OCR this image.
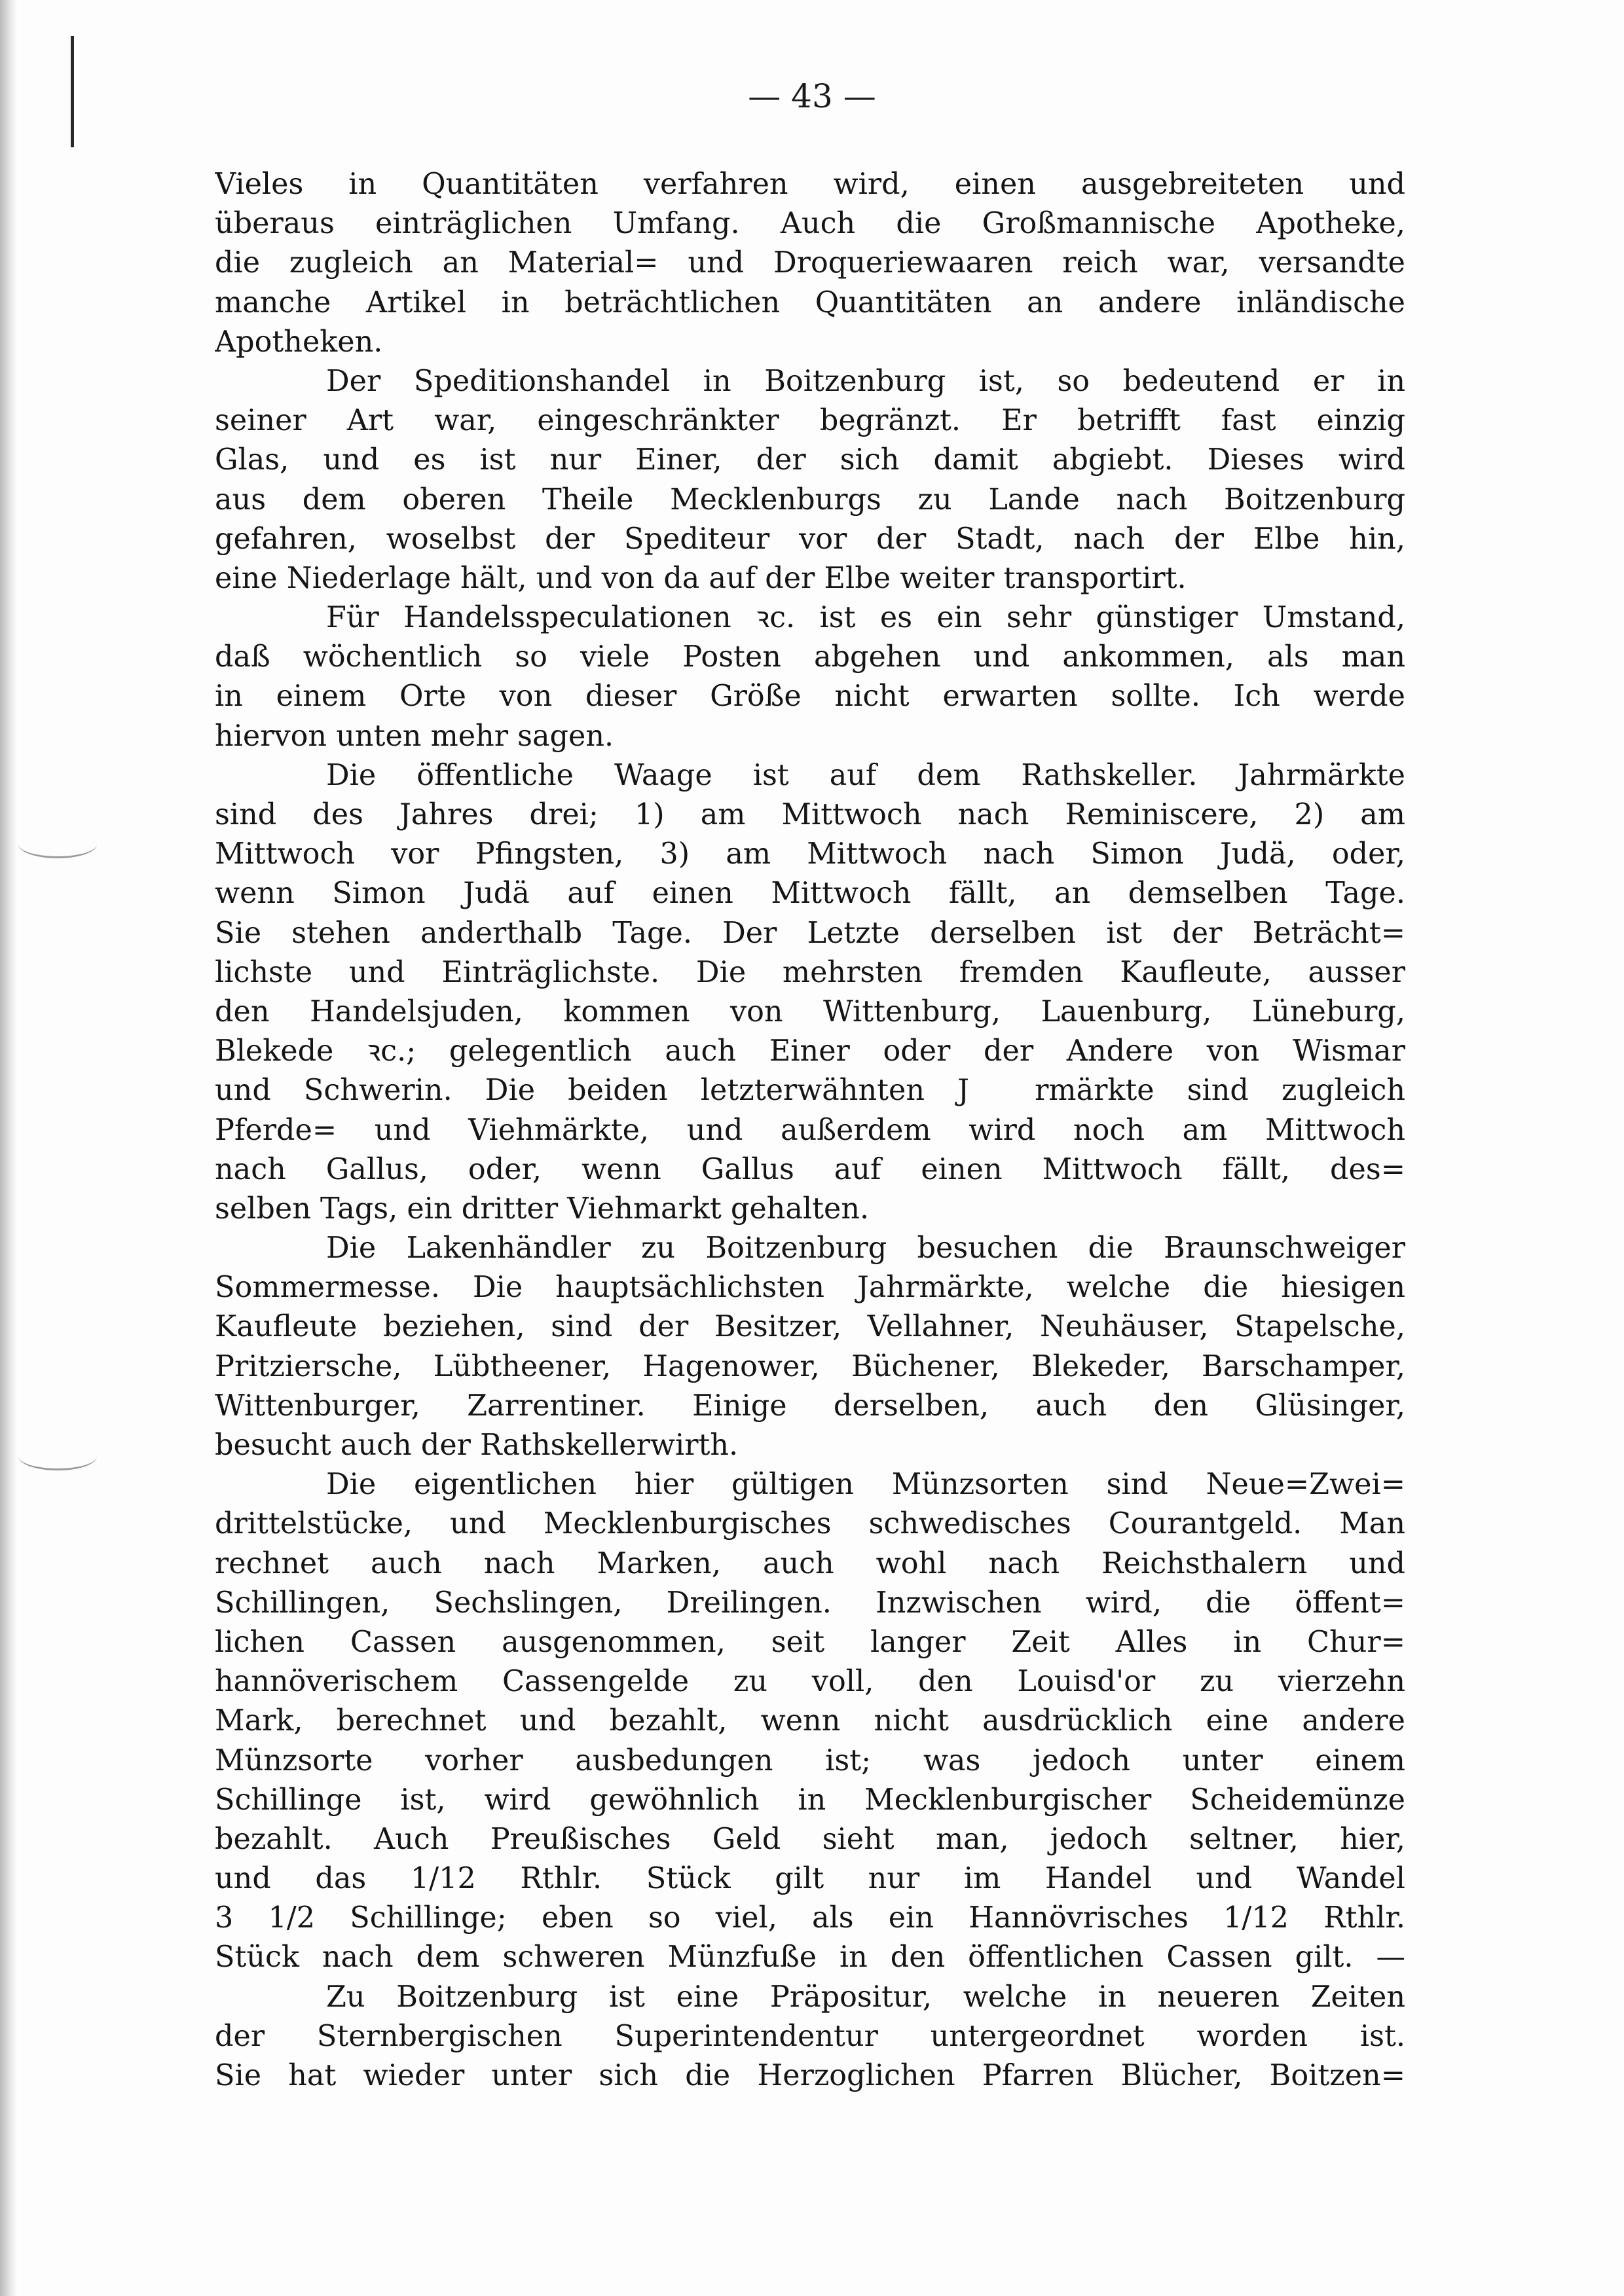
— 43 —
Vieles in Quantitäten verfahren wird, einen ausgebreiteten und
überaus einträglichen Umfang. Auch die Großmannische Apotheke,
die zugleich an Material= und Droqueriewaaren reich war, versandte
manche Artikel in beträchtlichen Quantitäten an andere inländische
Apotheken.
Der Speditionshandel in Boitzenburg ist, so bedeutend er in
seiner Art war, eingeschränkter begränzt. Er betrifft fast einzig
Glas, und es ist nur Einer, der sich damit abgiebt. Dieses wird
aus dem oberen Theile Mecklenburgs zu Lande nach Boitzenburg
gefahren, woselbst der Spediteur vor der Stadt, nach der Elbe hin,
eine Niederlage hält, und von da auf der Elbe weiter transportirt.
Für Handelsspeculationen ꝛc. ist es ein sehr günstiger Umstand,
daß wöchentlich so viele Posten abgehen und ankommen, als man
in einem Orte von dieser Größe nicht erwarten sollte. Ich werde
hiervon unten mehr sagen.
Die öffentliche Waage ist auf dem Rathskeller. Jahrmärkte
sind des Jahres drei; 1) am Mittwoch nach Reminiscere, 2) am
Mittwoch vor Pfingsten, 3) am Mittwoch nach Simon Judä, oder,
wenn Simon Judä auf einen Mittwoch fällt, an demselben Tage.
Sie stehen anderthalb Tage. Der Letzte derselben ist der Beträcht=
lichste und Einträglichste. Die mehrsten fremden Kaufleute, ausser
den Handelsjuden, kommen von Wittenburg, Lauenburg, Lüneburg,
Blekede ꝛc.; gelegentlich auch Einer oder der Andere von Wismar
und Schwerin. Die beiden letzterwähnten J  rmärkte sind zugleich
Pferde= und Viehmärkte, und außerdem wird noch am Mittwoch
nach Gallus, oder, wenn Gallus auf einen Mittwoch fällt, des=
selben Tags, ein dritter Viehmarkt gehalten.
Die Lakenhändler zu Boitzenburg besuchen die Braunschweiger
Sommermesse. Die hauptsächlichsten Jahrmärkte, welche die hiesigen
Kaufleute beziehen, sind der Besitzer, Vellahner, Neuhäuser, Stapelsche,
Pritziersche, Lübtheener, Hagenower, Büchener, Blekeder, Barschamper,
Wittenburger, Zarrentiner. Einige derselben, auch den Glüsinger,
besucht auch der Rathskellerwirth.
Die eigentlichen hier gültigen Münzsorten sind Neue=Zwei=
drittelstücke, und Mecklenburgisches schwedisches Courantgeld. Man
rechnet auch nach Marken, auch wohl nach Reichsthalern und
Schillingen, Sechslingen, Dreilingen. Inzwischen wird, die öffent=
lichen Cassen ausgenommen, seit langer Zeit Alles in Chur=
hannöverischem Cassengelde zu voll, den Louisd'or zu vierzehn
Mark, berechnet und bezahlt, wenn nicht ausdrücklich eine andere
Münzsorte vorher ausbedungen ist; was jedoch unter einem
Schillinge ist, wird gewöhnlich in Mecklenburgischer Scheidemünze
bezahlt. Auch Preußisches Geld sieht man, jedoch seltner, hier,
und das 1/12 Rthlr. Stück gilt nur im Handel und Wandel
3 1/2 Schillinge; eben so viel, als ein Hannövrisches 1/12 Rthlr.
Stück nach dem schweren Münzfuße in den öffentlichen Cassen gilt. —
Zu Boitzenburg ist eine Präpositur, welche in neueren Zeiten
der Sternbergischen Superintendentur untergeordnet worden ist.
Sie hat wieder unter sich die Herzoglichen Pfarren Blücher, Boitzen=
